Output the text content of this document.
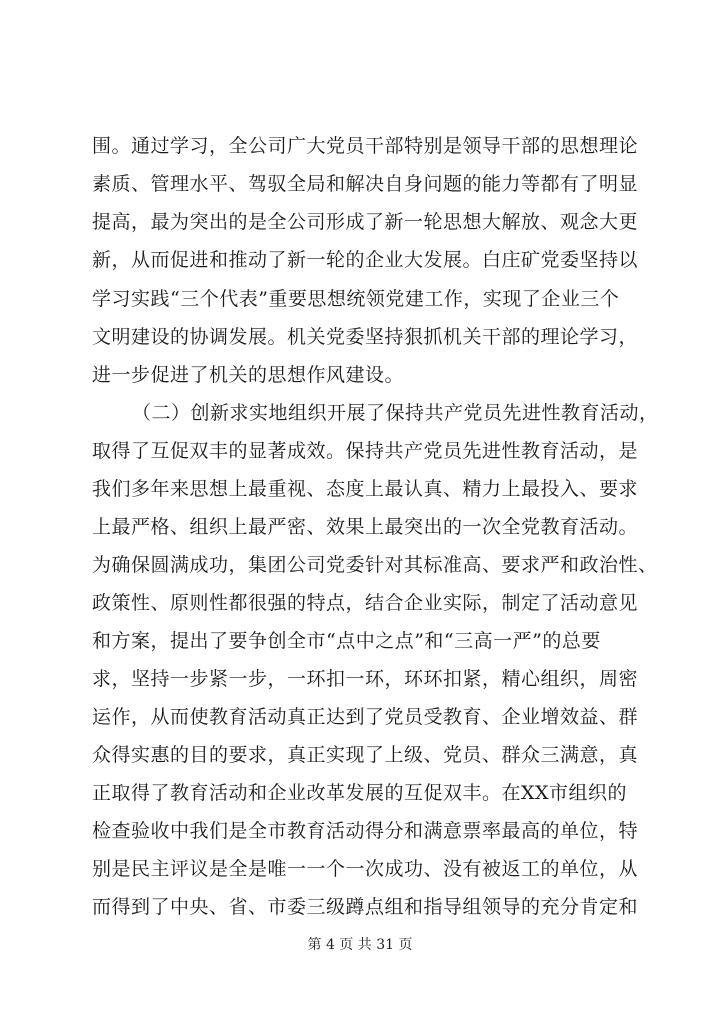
围。通过学习，全公司广大党员干部特别是领导干部的思想理论
素质、管理水平、驾驭全局和解决自身问题的能力等都有了明显
提高，最为突出的是全公司形成了新一轮思想大解放、观念大更
新，从而促进和推动了新一轮的企业大发展。白庄矿党委坚持以
学习实践“三个代表”重要思想统领党建工作，实现了企业三个
文明建设的协调发展。机关党委坚持狠抓机关干部的理论学习，
进一步促进了机关的思想作风建设。
（二）创新求实地组织开展了保持共产党员先进性教育活动，
取得了互促双丰的显著成效。保持共产党员先进性教育活动，是
我们多年来思想上最重视、态度上最认真、精力上最投入、要求
上最严格、组织上最严密、效果上最突出的一次全党教育活动。
为确保圆满成功，集团公司党委针对其标准高、要求严和政治性、
政策性、原则性都很强的特点，结合企业实际，制定了活动意见
和方案，提出了要争创全市“点中之点”和“三高一严”的总要
求，坚持一步紧一步，一环扣一环，环环扣紧，精心组织，周密
运作，从而使教育活动真正达到了党员受教育、企业增效益、群
众得实惠的目的要求，真正实现了上级、党员、群众三满意，真
正取得了教育活动和企业改革发展的互促双丰。在XX市组织的
检查验收中我们是全市教育活动得分和满意票率最高的单位，特
别是民主评议是全是唯一一个一次成功、没有被返工的单位，从
而得到了中央、省、市委三级蹲点组和指导组领导的充分肯定和
第 4 页 共 31 页
